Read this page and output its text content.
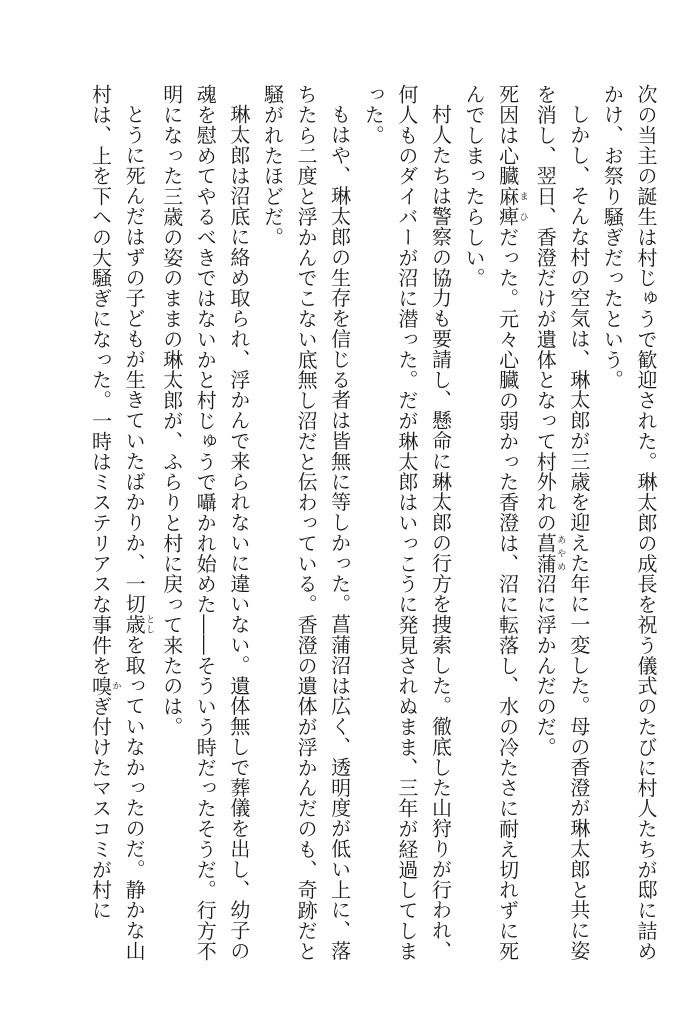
次の当主の誕生は村じゅうで歓迎された。琳太郎の成長を祝う儀式のたびに村人たちが邸に詰めかけ、お祭り騒ぎだったという。

しかし、そんな村の空気は、琳太郎が三歳を迎えた年に一変した。母の香澄が琳太郎と共に姿を消し、翌日、香澄だけが遺体となって村外れの菖蒲あやめ沼に浮かんだのだ。

死因は心臓麻ま痺ひだった。元々心臓の弱かった香澄は、沼に転落し、水の冷たさに耐え切れずに死んでしまったらしい。

村人たちは警察の協力も要請し、懸命に琳太郎の行方を捜索した。徹底した山狩りが行われ、何人ものダイバーが沼に潜った。だが琳太郎はいっこうに発見されぬまま、三年が経過してしまった。

もはや、琳太郎の生存を信じる者は皆無に等しかった。菖蒲沼は広く、透明度が低い上に、落ちたら二度と浮かんでこない底無し沼だと伝わっている。香澄の遺体が浮かんだのも、奇跡だと騒がれたほどだ。

琳太郎は沼底に絡め取られ、浮かんで来られないに違いない。遺体無しで葬儀を出し、幼子の魂を慰めてやるべきではないかと村じゅうで囁かれ始めた――そういう時だったそうだ。行方不明になった三歳の姿のままの琳太郎が、ふらりと村に戻って来たのは。

とうに死んだはずの子どもが生きていたばかりか、一切歳としを取っていなかったのだ。静かな山村は、上を下への大騒ぎになった。一時はミステリアスな事件を嗅かぎ付けたマスコミが村に
